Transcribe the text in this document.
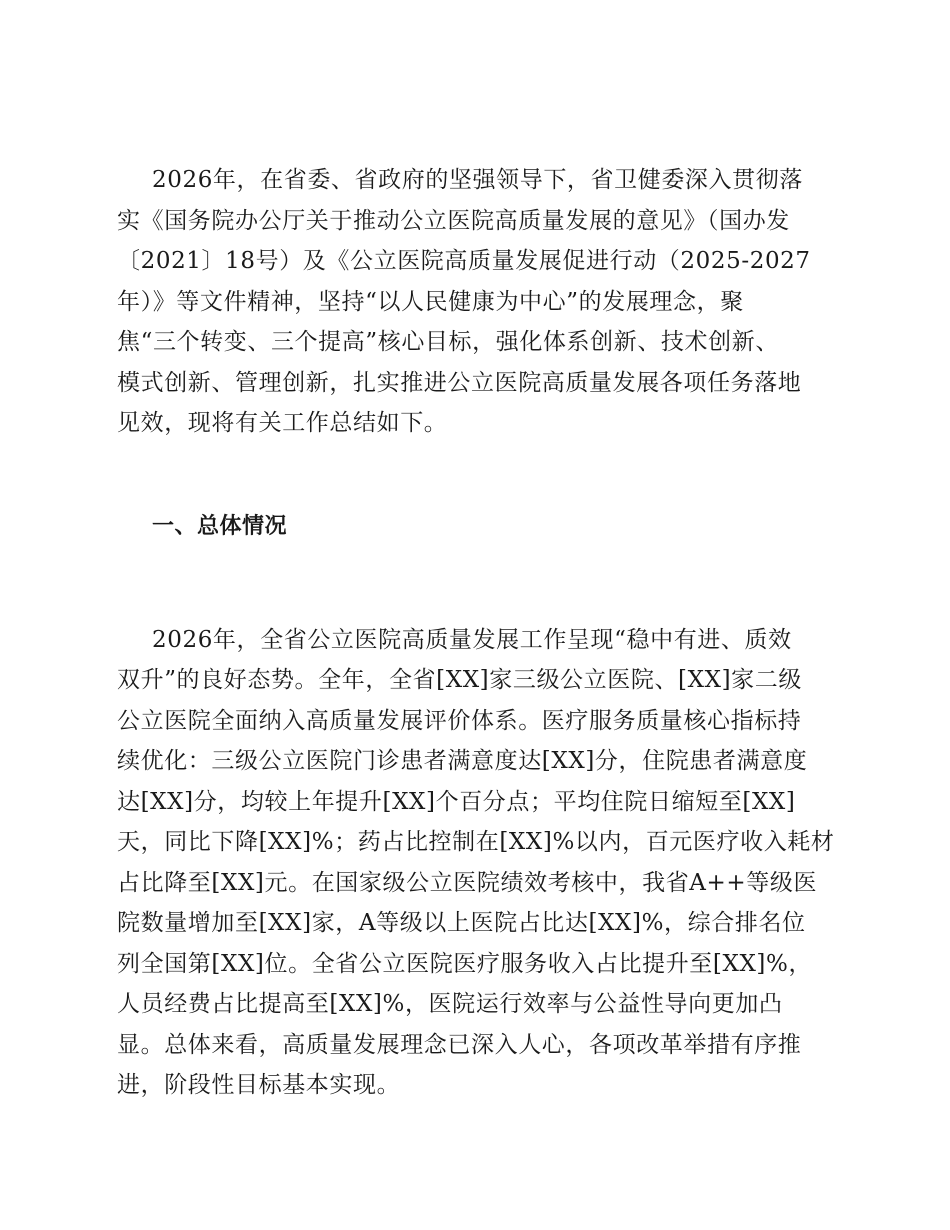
2026年，在省委、省政府的坚强领导下，省卫健委深入贯彻落
实《国务院办公厅关于推动公立医院高质量发展的意见》（国办发
〔2021〕18号）及《公立医院高质量发展促进行动（2025-2027
年）》等文件精神，坚持“以人民健康为中心”的发展理念，聚
焦“三个转变、三个提高”核心目标，强化体系创新、技术创新、
模式创新、管理创新，扎实推进公立医院高质量发展各项任务落地
见效，现将有关工作总结如下。

一、总体情况

2026年，全省公立医院高质量发展工作呈现“稳中有进、质效
双升”的良好态势。全年，全省[XX]家三级公立医院、[XX]家二级
公立医院全面纳入高质量发展评价体系。医疗服务质量核心指标持
续优化：三级公立医院门诊患者满意度达[XX]分，住院患者满意度
达[XX]分，均较上年提升[XX]个百分点；平均住院日缩短至[XX]
天，同比下降[XX]%；药占比控制在[XX]%以内，百元医疗收入耗材
占比降至[XX]元。在国家级公立医院绩效考核中，我省A++等级医
院数量增加至[XX]家，A等级以上医院占比达[XX]%，综合排名位
列全国第[XX]位。全省公立医院医疗服务收入占比提升至[XX]%，
人员经费占比提高至[XX]%，医院运行效率与公益性导向更加凸
显。总体来看，高质量发展理念已深入人心，各项改革举措有序推
进，阶段性目标基本实现。
